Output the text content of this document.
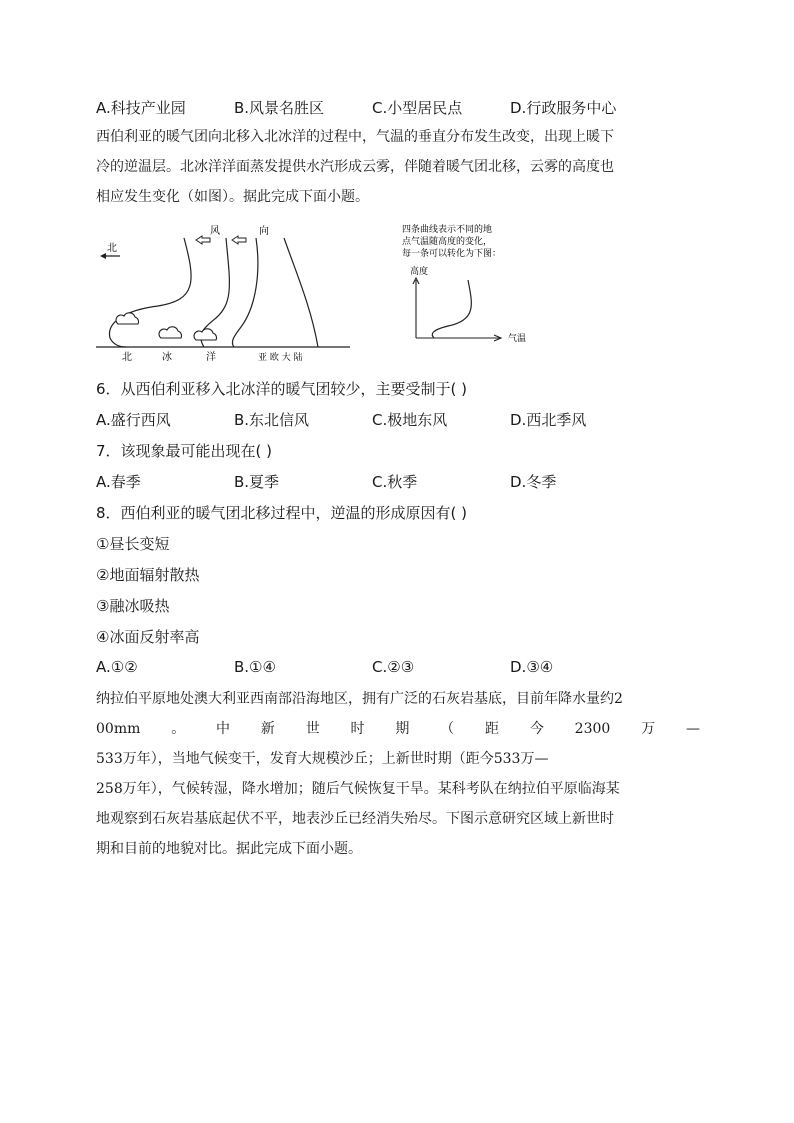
A.科技产业园	B.风景名胜区	C.小型居民点	D.行政服务中心
西伯利亚的暖气团向北移入北冰洋的过程中，气温的垂直分布发生改变，出现上暖下
冷的逆温层。北冰洋洋面蒸发提供水汽形成云雾，伴随着暖气团北移，云雾的高度也
相应发生变化（如图）。据此完成下面小题。
北
风	向
北	冰	洋	亚 欧 大 陆
四条曲线表示不同的地
点气温随高度的变化，
每一条可以转化为下图：
高度
气温
6．从西伯利亚移入北冰洋的暖气团较少，主要受制于( )
A.盛行西风	B.东北信风	C.极地东风	D.西北季风
7．该现象最可能出现在( )
A.春季	B.夏季	C.秋季	D.冬季
8．西伯利亚的暖气团北移过程中，逆温的形成原因有( )
①昼长变短
②地面辐射散热
③融冰吸热
④冰面反射率高
A.①②	B.①④	C.②③	D.③④
纳拉伯平原地处澳大利亚西南部沿海地区，拥有广泛的石灰岩基底，目前年降水量约2
00mm 。 中 新 世 时 期 （ 距 今 2300 万 —
533万年），当地气候变干，发育大规模沙丘；上新世时期（距今533万—
258万年），气候转湿，降水增加；随后气候恢复干旱。某科考队在纳拉伯平原临海某
地观察到石灰岩基底起伏不平，地表沙丘已经消失殆尽。下图示意研究区域上新世时
期和目前的地貌对比。据此完成下面小题。
